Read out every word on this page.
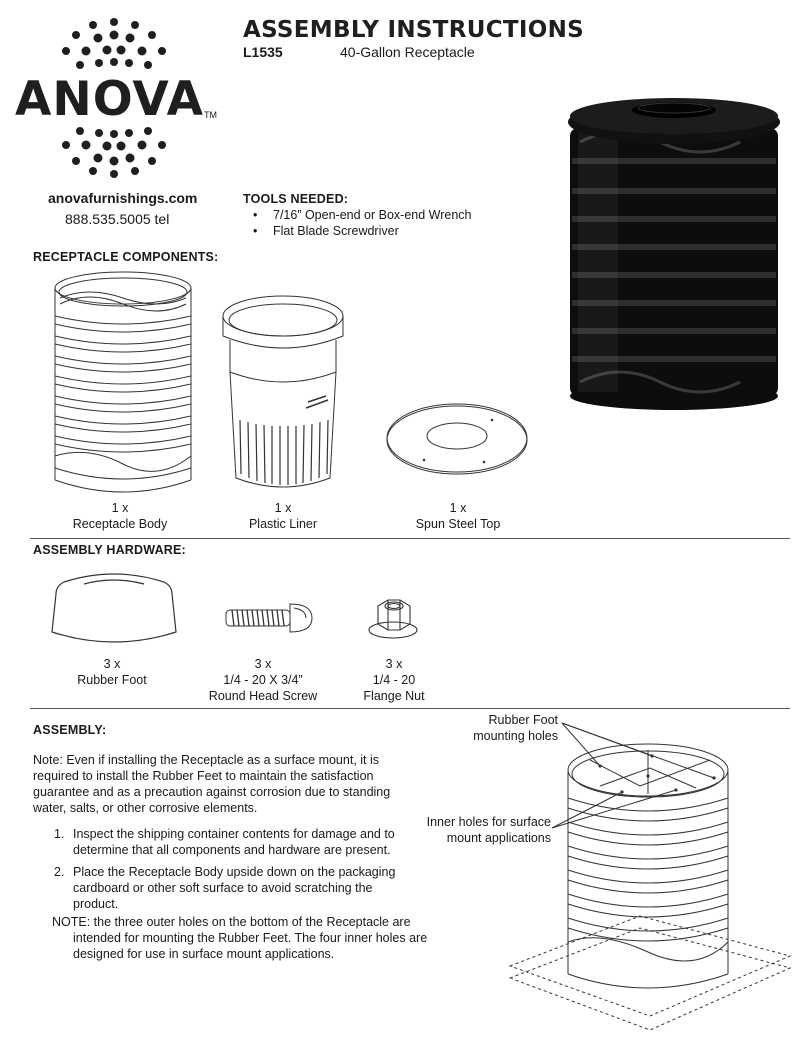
ANOVA TM
anovafurnishings.com
888.535.5005 tel
ASSEMBLY INSTRUCTIONS
L1535	40-Gallon Receptacle
TOOLS NEEDED:
• 7/16” Open-end or Box-end Wrench
• Flat Blade Screwdriver
RECEPTACLE COMPONENTS:
1 x
Receptacle Body
1 x
Plastic Liner
1 x
Spun Steel Top
ASSEMBLY HARDWARE:
3 x
Rubber Foot
3 x
1/4 - 20 X 3/4”
Round Head Screw
3 x
1/4 - 20
Flange Nut
ASSEMBLY:
Note: Even if installing the Receptacle as a surface mount, it is required to install the Rubber Feet to maintain the satisfaction guarantee and as a precaution against corrosion due to standing water, salts, or other corrosive elements.
1. Inspect the shipping container contents for damage and to determine that all components and hardware are present.
2. Place the Receptacle Body upside down on the packaging cardboard or other soft surface to avoid scratching the product.
NOTE: the three outer holes on the bottom of the Receptacle are intended for mounting the Rubber Feet. The four inner holes are designed for use in surface mount applications.
Rubber Foot
mounting holes
Inner holes for surface
mount applications
